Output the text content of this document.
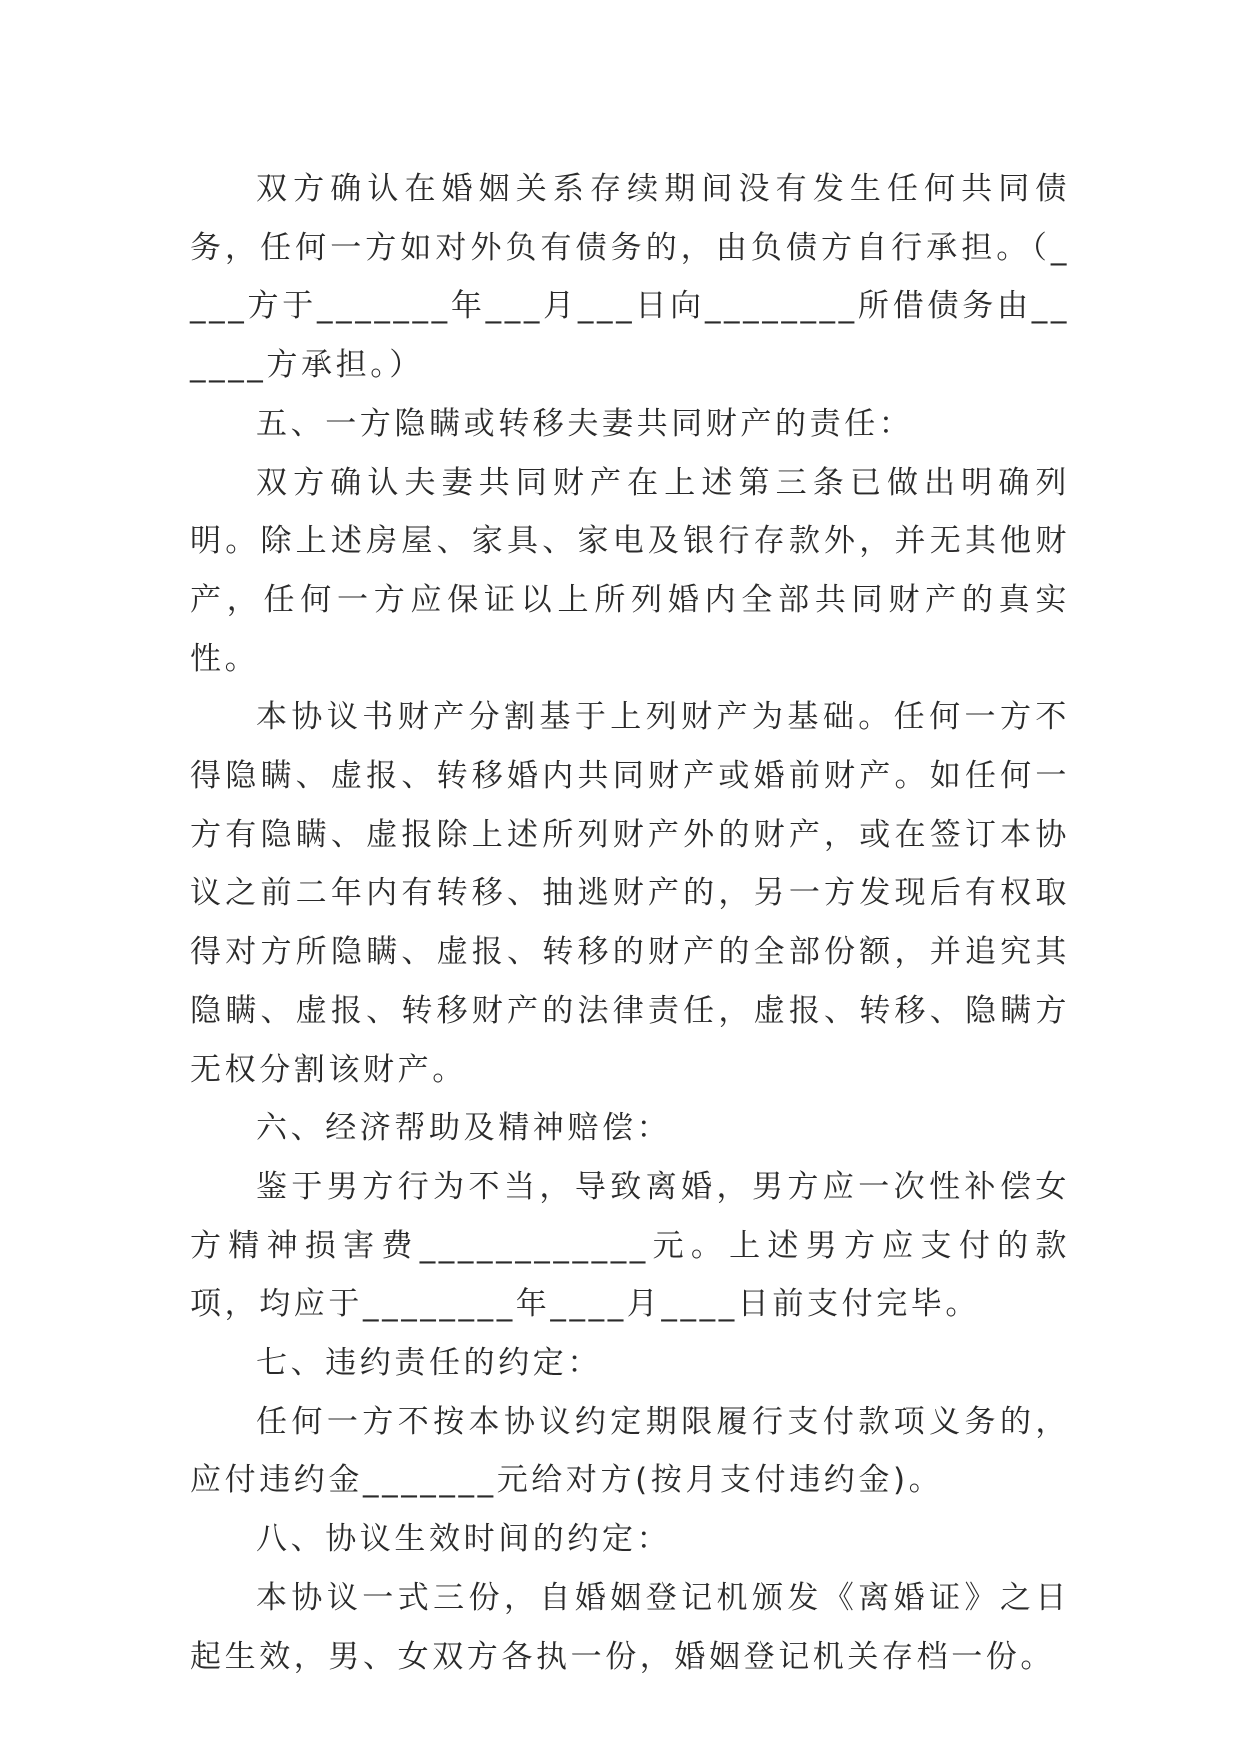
双方确认在婚姻关系存续期间没有发生任何共同债务，任何一方如对外负有债务的，由负债方自行承担。（____方于_______年___月___日向________所借债务由______方承担。）

五、一方隐瞒或转移夫妻共同财产的责任：

双方确认夫妻共同财产在上述第三条已做出明确列明。除上述房屋、家具、家电及银行存款外，并无其他财产，任何一方应保证以上所列婚内全部共同财产的真实性。

本协议书财产分割基于上列财产为基础。任何一方不得隐瞒、虚报、转移婚内共同财产或婚前财产。如任何一方有隐瞒、虚报除上述所列财产外的财产，或在签订本协议之前二年内有转移、抽逃财产的，另一方发现后有权取得对方所隐瞒、虚报、转移的财产的全部份额，并追究其隐瞒、虚报、转移财产的法律责任，虚报、转移、隐瞒方无权分割该财产。

六、经济帮助及精神赔偿：

鉴于男方行为不当，导致离婚，男方应一次性补偿女方精神损害费____________元。上述男方应支付的款项，均应于________年____月____日前支付完毕。

七、违约责任的约定：

任何一方不按本协议约定期限履行支付款项义务的，应付违约金_______元给对方(按月支付违约金)。

八、协议生效时间的约定：

本协议一式三份，自婚姻登记机颁发《离婚证》之日起生效，男、女双方各执一份，婚姻登记机关存档一份。
